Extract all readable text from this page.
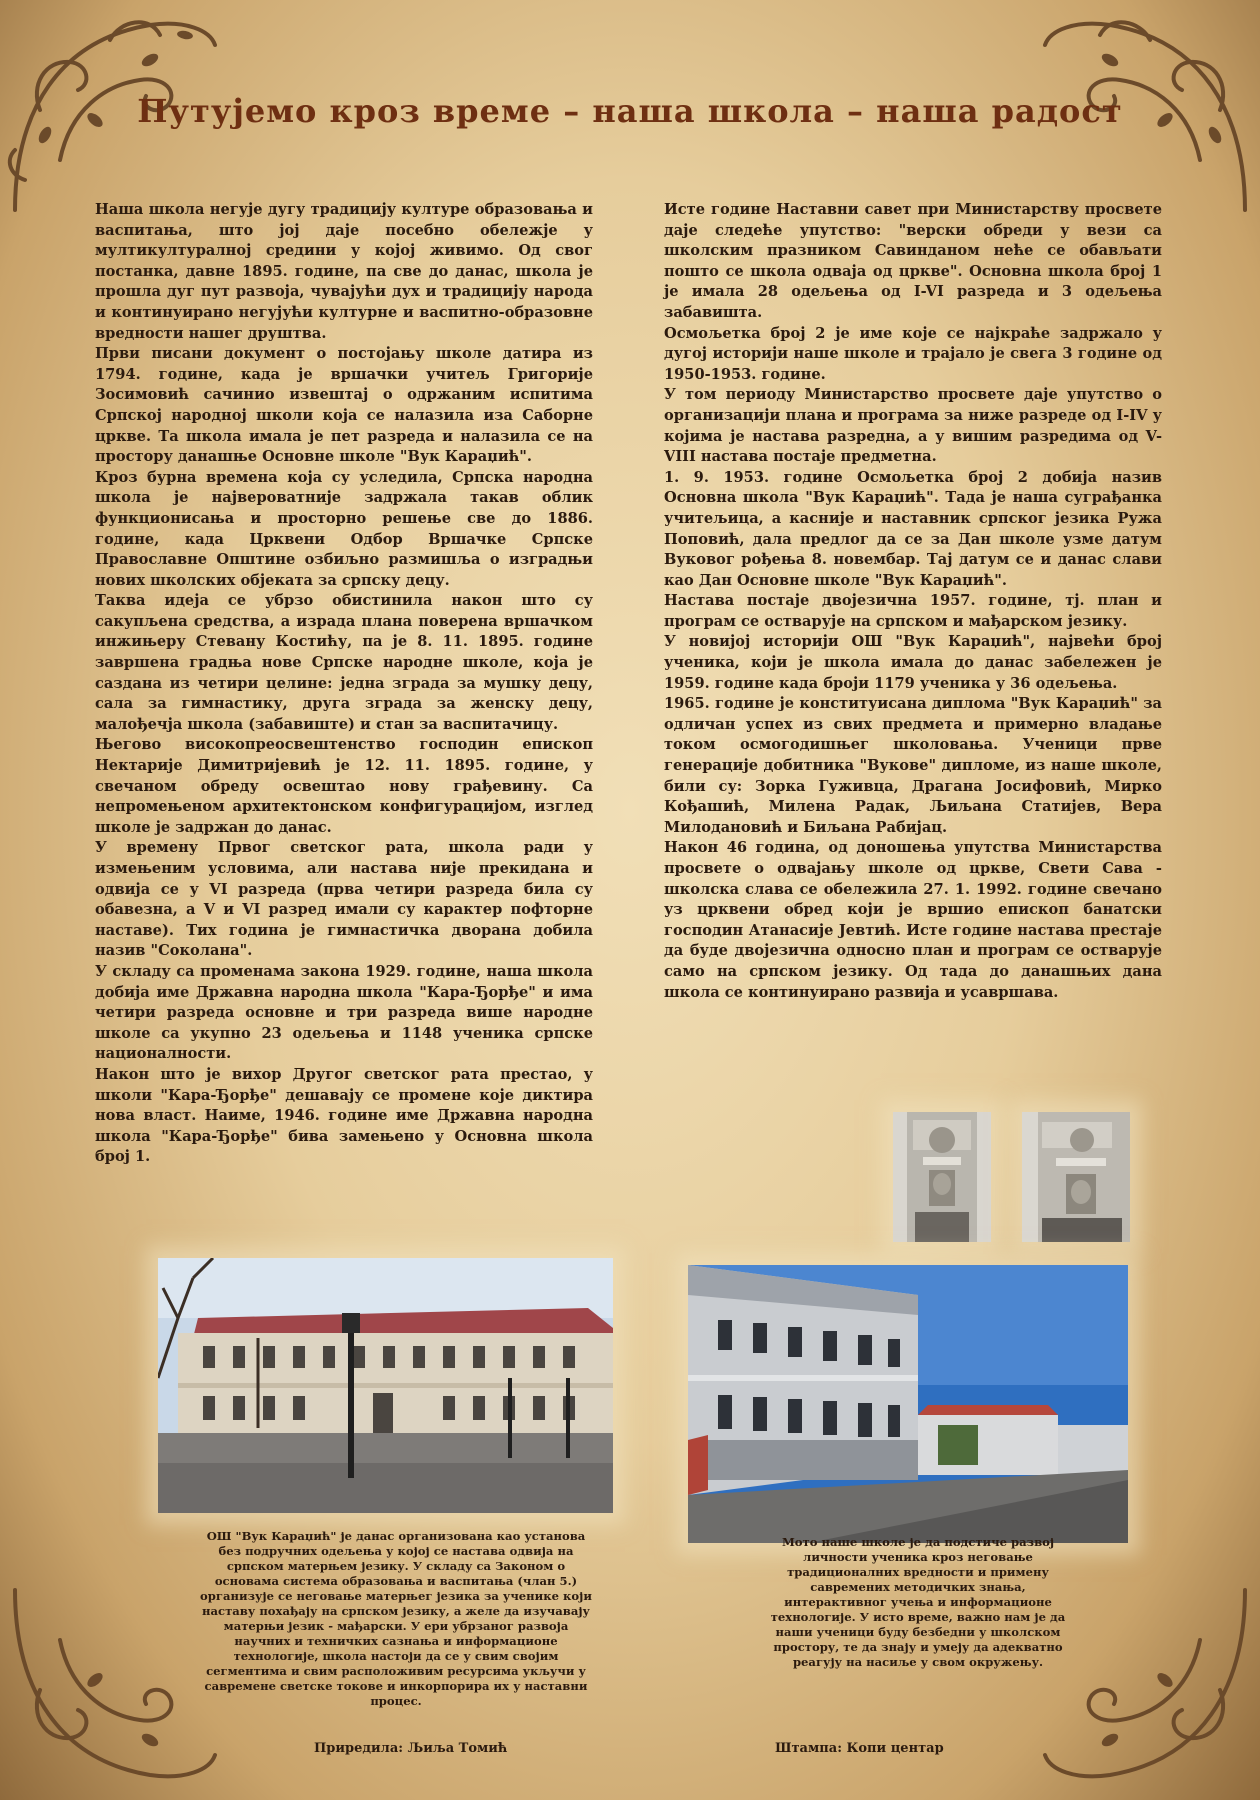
Путујемо кроз време – наша школа – наша радост

Наша школа негује дугу традицију културе образовања и васпитања, што јој даје посебно обележје у мултикултуралној средини у којој живимо. Од свог постанка, давне 1895. године, па све до данас, школа је прошла дуг пут развоја, чувајући дух и традицију народа и континуирано негујући културне и васпитно-образовне вредности нашег друштва.

Први писани документ о постојању школе датира из 1794. године, када је вршачки учитељ Григорије Зосимовић сачинио извештај о одржаним испитима Српској народној школи која се налазила иза Саборне цркве. Та школа имала је пет разреда и налазила се на простору данашње Основне школе "Вук Караџић".

Кроз бурна времена која су уследила, Српска народна школа је највероватније задржала такав облик функционисања и просторно решење све до 1886. године, када Црквени Одбор Вршачке Српске Православне Општине озбиљно размишља о изградњи нових школских објеката за српску децу.

Таква идеја се убрзо обистинила након што су сакупљена средства, а израда плана поверена вршачком инжињеру Стевану Костићу, па је 8. 11. 1895. године завршена градња нове Српске народне школе, која је саздана из четири целине: једна зграда за мушку децу, сала за гимнастику, друга зграда за женску децу, малођечја школа (забавиште) и стан за васпитачицу.

Његово високопреосвештенство господин епископ Нектарије Димитријевић је 12. 11. 1895. године, у свечаном обреду освештао нову грађевину. Са непромењеном архитектонском конфигурацијом, изглед школе је задржан до данас.

У времену Првог светског рата, школа ради у измењеним условима, али настава није прекидана и одвија се у VI разреда (прва четири разреда била су обавезна, а V и VI разред имали су карактер пофторне наставе). Тих година је гимнастичка дворана добила назив "Соколана".

У складу са променама закона 1929. године, наша школа добија име Државна народна школа "Кара-Ђорђе" и има четири разреда основне и три разреда више народне школе са укупно 23 одељења и 1148 ученика српске националности.

Након што је вихор Другог светског рата престао, у школи "Кара-Ђорђе" дешавају се промене које диктира нова власт. Наиме, 1946. године име Државна народна школа "Кара-Ђорђе" бива замењено у Основна школа број 1.

Исте године Наставни савет при Министарству просвете даје следеће упутство: "верски обреди у вези са школским празником Савинданом неће се обављати пошто се школа одваја од цркве". Основна школа број 1 је имала 28 одељења од I-VI разреда и 3 одељења забавишта.

Осмољетка број 2 је име које се најкраће задржало у дугој историји наше школе и трајало је свега 3 године од 1950-1953. године.

У том периоду Министарство просвете даје упутство о организацији плана и програма за ниже разреде од I-IV у којима је настава разредна, а у вишим разредима од V-VIII настава постаје предметна.

1. 9. 1953. године Осмољетка број 2 добија назив Основна школа "Вук Караџић". Тада је наша суграђанка учитељица, а касније и наставник српског језика Ружа Поповић, дала предлог да се за Дан школе узме датум Вуковог рођења 8. новембар. Тај датум се и данас слави као Дан Основне школе "Вук Караџић".

Настава постаје двојезична 1957. године, тј. план и програм се остварује на српском и мађарском језику.

У новијој историји ОШ "Вук Караџић", највећи број ученика, који је школа имала до данас забележен је 1959. године када броји 1179 ученика у 36 одељења.

1965. године је конституисана диплома "Вук Караџић" за одличан успех из свих предмета и примерно владање током осмогодишњег школовања. Ученици прве генерације добитника "Вукове" дипломе, из наше школе, били су: Зорка Гуживца, Драгана Јосифовић, Мирко Кођашић, Милена Радак, Љиљана Статијев, Вера Милодановић и Биљана Рабијац.

Након 46 година, од доношења упутства Министарства просвете о одвајању школе од цркве, Свети Сава - школска слава се обележила 27. 1. 1992. године свечано уз црквени обред који је вршио епископ банатски господин Атанасије Јевтић. Исте године настава престаје да буде двојезична односно план и програм се остварује само на српском језику. Од тада до данашњих дана школа се континуирано развија и усавршава.

ОШ "Вук Караџић" је данас организована као установа без подручних одељења у којој се настава одвија на српском матерњем језику. У складу са Законом о основама система образовања и васпитања (члан 5.) организује се неговање матерњег језика за ученике који наставу похађају на српском језику, а желе да изучавају матерњи језик - мађарски. У ери убрзаног развоја научних и техничких сазнања и информационе технологије, школа настоји да се у свим својим сегментима и свим расположивим ресурсима укључи у савремене светске токове и инкорпорира их у наставни процес.

Мото наше школе је да подстиче развој личности ученика кроз неговање традиционалних вредности и примену савремених методичких знања, интерактивног учења и информационе технологије. У исто време, важно нам је да наши ученици буду безбедни у школском простору, те да знају и умеју да адекватно реагују на насиље у свом окружењу.

Приредила: Љиља Томић	Штампа: Копи центар
